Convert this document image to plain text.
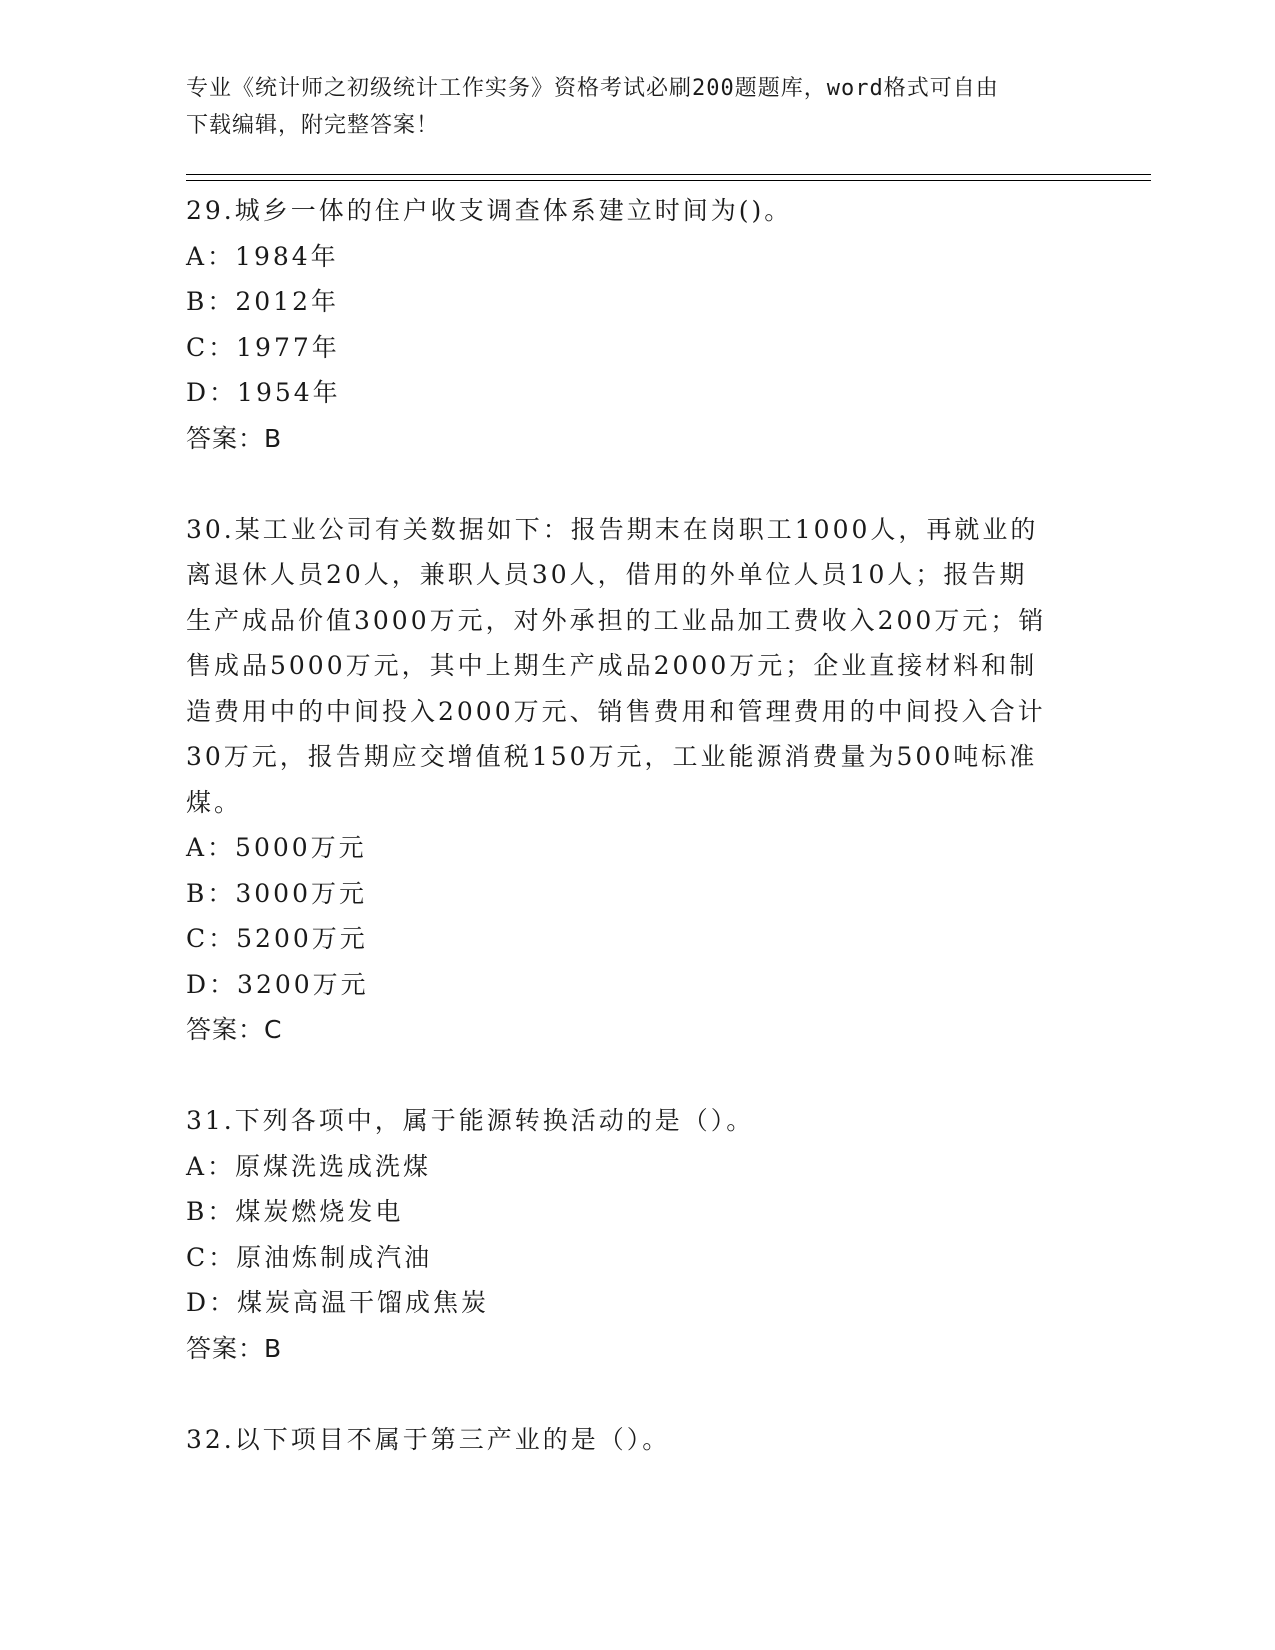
专业《统计师之初级统计工作实务》资格考试必刷200题题库，word格式可自由
下载编辑，附完整答案！
29.城乡一体的住户收支调查体系建立时间为()。
A：1984年
B：2012年
C：1977年
D：1954年
答案：B
30.某工业公司有关数据如下：报告期末在岗职工1000人，再就业的
离退休人员20人，兼职人员30人，借用的外单位人员10人；报告期
生产成品价值3000万元，对外承担的工业品加工费收入200万元；销
售成品5000万元，其中上期生产成品2000万元；企业直接材料和制
造费用中的中间投入2000万元、销售费用和管理费用的中间投入合计
30万元，报告期应交增值税150万元，工业能源消费量为500吨标准
煤。
A：5000万元
B：3000万元
C：5200万元
D：3200万元
答案：C
31.下列各项中，属于能源转换活动的是（）。
A：原煤洗选成洗煤
B：煤炭燃烧发电
C：原油炼制成汽油
D：煤炭高温干馏成焦炭
答案：B
32.以下项目不属于第三产业的是（）。
